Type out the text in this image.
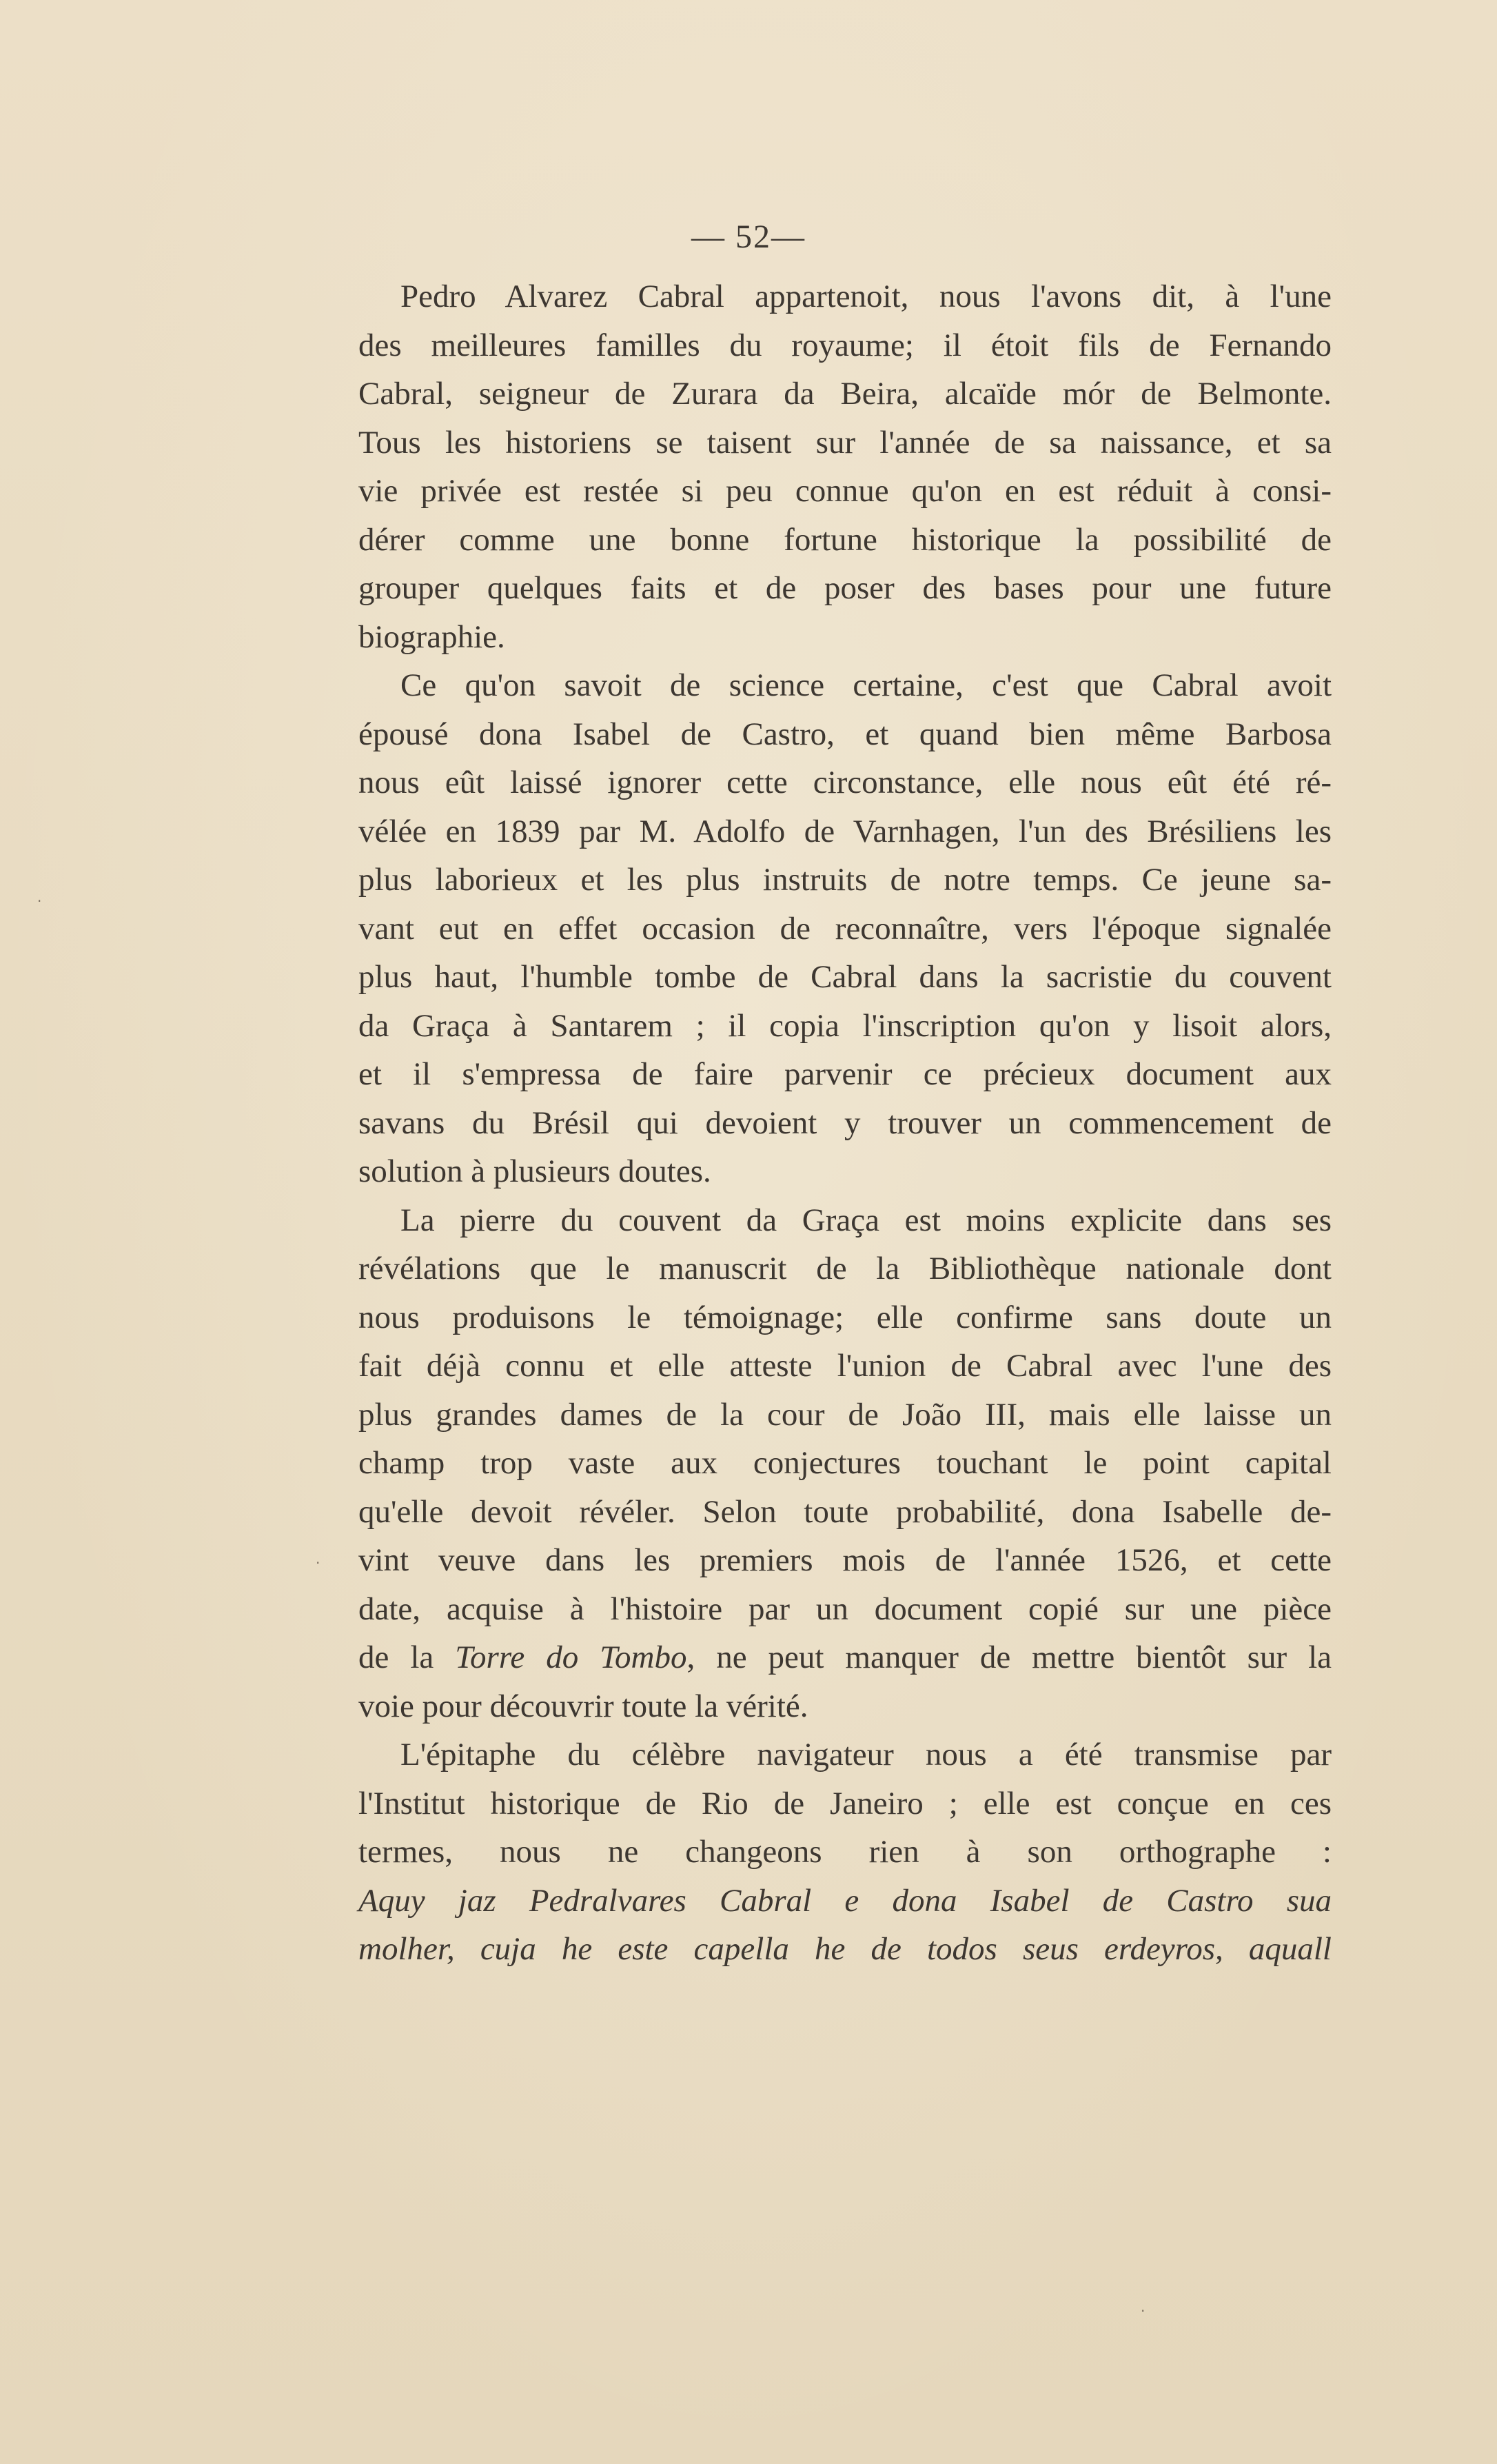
— 52—

Pedro Alvarez Cabral appartenoit, nous l'avons dit, à l'une
des meilleures familles du royaume; il étoit fils de Fernando
Cabral, seigneur de Zurara da Beira, alcaïde mór de Belmonte.
Tous les historiens se taisent sur l'année de sa naissance, et sa
vie privée est restée si peu connue qu'on en est réduit à consi-
dérer comme une bonne fortune historique la possibilité de
grouper quelques faits et de poser des bases pour une future
biographie.

Ce qu'on savoit de science certaine, c'est que Cabral avoit
épousé dona Isabel de Castro, et quand bien même Barbosa
nous eût laissé ignorer cette circonstance, elle nous eût été ré-
vélée en 1839 par M. Adolfo de Varnhagen, l'un des Brésiliens les
plus laborieux et les plus instruits de notre temps. Ce jeune sa-
vant eut en effet occasion de reconnaître, vers l'époque signalée
plus haut, l'humble tombe de Cabral dans la sacristie du couvent
da Graça à Santarem ; il copia l'inscription qu'on y lisoit alors,
et il s'empressa de faire parvenir ce précieux document aux
savans du Brésil qui devoient y trouver un commencement de
solution à plusieurs doutes.

La pierre du couvent da Graça est moins explicite dans ses
révélations que le manuscrit de la Bibliothèque nationale dont
nous produisons le témoignage; elle confirme sans doute un
fait déjà connu et elle atteste l'union de Cabral avec l'une des
plus grandes dames de la cour de João III, mais elle laisse un
champ trop vaste aux conjectures touchant le point capital
qu'elle devoit révéler. Selon toute probabilité, dona Isabelle de-
vint veuve dans les premiers mois de l'année 1526, et cette
date, acquise à l'histoire par un document copié sur une pièce
de la Torre do Tombo, ne peut manquer de mettre bientôt sur la
voie pour découvrir toute la vérité.

L'épitaphe du célèbre navigateur nous a été transmise par
l'Institut historique de Rio de Janeiro ; elle est conçue en ces
termes, nous ne changeons rien à son orthographe :
Aquy jaz Pedralvares Cabral e dona Isabel de Castro sua
molher, cuja he este capella he de todos seus erdeyros, aquall

·
·
·
